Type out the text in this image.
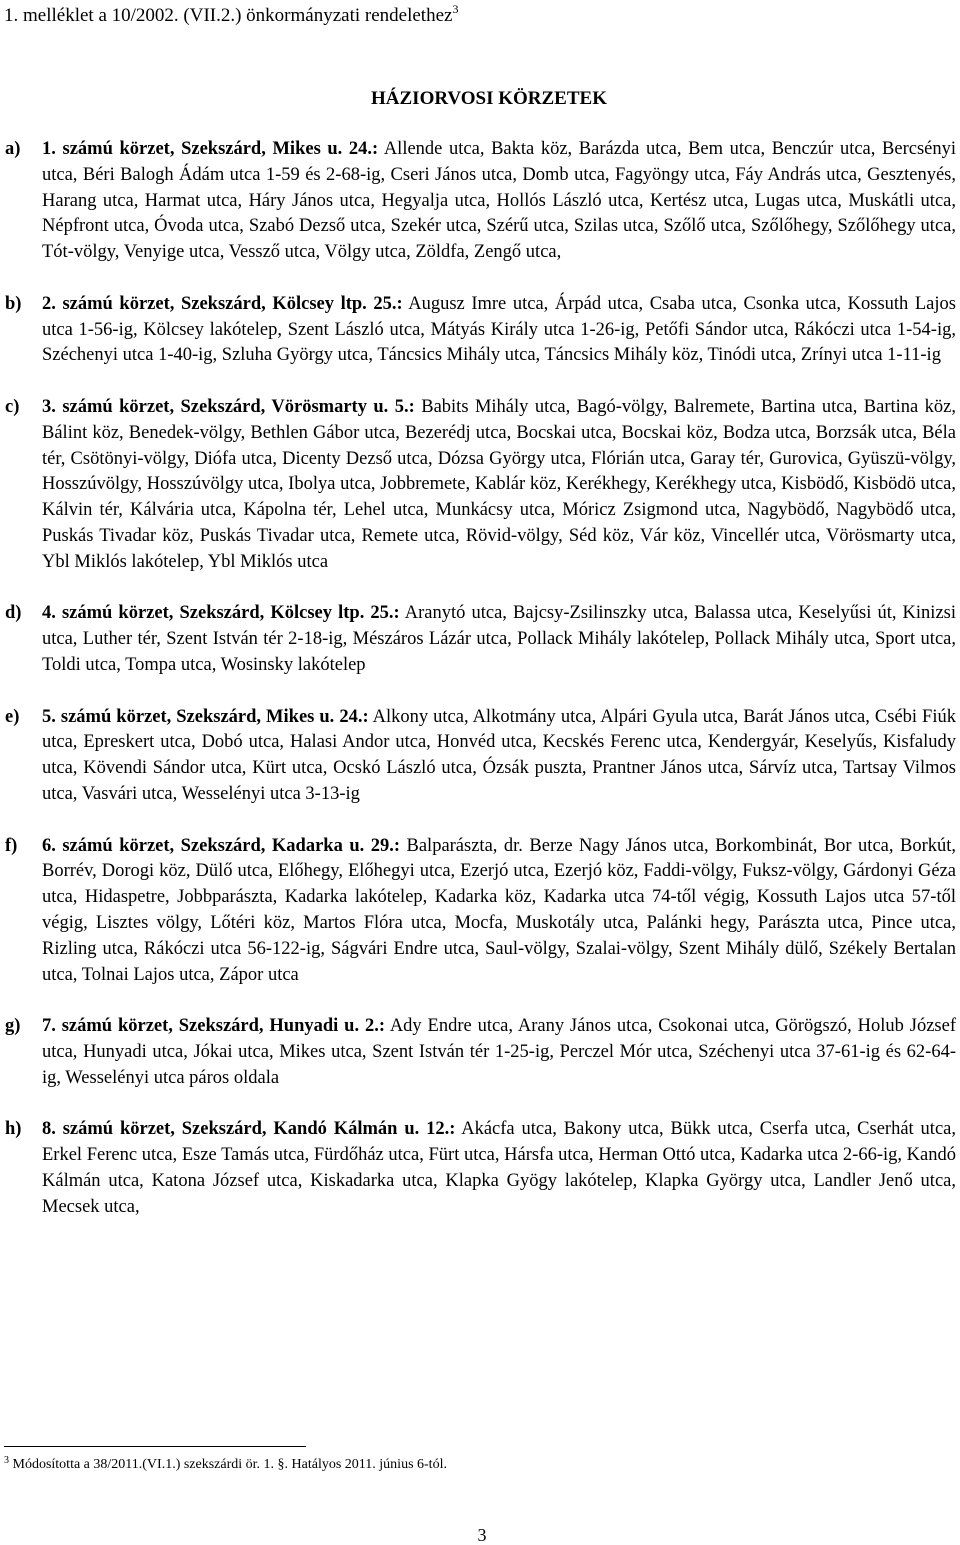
1. melléklet a 10/2002. (VII.2.) önkormányzati rendelethez$^3$
HÁZIORVOSI KÖRZETEK
a)	1. számú körzet, Szekszárd, Mikes u. 24.: Allende utca, Bakta köz, Barázda utca, Bem utca, Benczúr utca, Bercsényi utca, Béri Balogh Ádám utca 1-59 és 2-68-ig, Cseri János utca, Domb utca, Fagyöngy utca, Fáy András utca, Gesztenyés, Harang utca, Harmat utca, Háry János utca, Hegyalja utca, Hollós László utca, Kertész utca, Lugas utca, Muskátli utca, Népfront utca, Óvoda utca, Szabó Dezső utca, Szekér utca, Szérű utca, Szilas utca, Szőlő utca, Szőlőhegy, Szőlőhegy utca, Tót-völgy, Venyige utca, Vessző utca, Völgy utca, Zöldfa, Zengő utca,
b)	2. számú körzet, Szekszárd, Kölcsey ltp. 25.: Augusz Imre utca, Árpád utca, Csaba utca, Csonka utca, Kossuth Lajos utca 1-56-ig, Kölcsey lakótelep, Szent László utca, Mátyás Király utca 1-26-ig, Petőfi Sándor utca, Rákóczi utca 1-54-ig, Széchenyi utca 1-40-ig, Szluha György utca, Táncsics Mihály utca, Táncsics Mihály köz, Tinódi utca, Zrínyi utca 1-11-ig
c)	3. számú körzet, Szekszárd, Vörösmarty u. 5.: Babits Mihály utca, Bagó-völgy, Balremete, Bartina utca, Bartina köz, Bálint köz, Benedek-völgy, Bethlen Gábor utca, Bezerédj utca, Bocskai utca, Bocskai köz, Bodza utca, Borzsák utca, Béla tér, Csötönyi-völgy, Diófa utca, Dicenty Dezső utca, Dózsa György utca, Flórián utca, Garay tér, Gurovica, Gyüszü-völgy, Hosszúvölgy, Hosszúvölgy utca, Ibolya utca, Jobbremete, Kablár köz, Kerékhegy, Kerékhegy utca, Kisbödő, Kisbödö utca, Kálvin tér, Kálvária utca, Kápolna tér, Lehel utca, Munkácsy utca, Móricz Zsigmond utca, Nagybödő, Nagybödő utca, Puskás Tivadar köz, Puskás Tivadar utca, Remete utca, Rövid-völgy, Séd köz, Vár köz, Vincellér utca, Vörösmarty utca, Ybl Miklós lakótelep, Ybl Miklós utca
d)	4. számú körzet, Szekszárd, Kölcsey ltp. 25.: Aranytó utca, Bajcsy-Zsilinszky utca, Balassa utca, Keselyűsi út, Kinizsi utca, Luther tér, Szent István tér 2-18-ig, Mészáros Lázár utca, Pollack Mihály lakótelep, Pollack Mihály utca, Sport utca, Toldi utca, Tompa utca, Wosinsky lakótelep
e)	5. számú körzet, Szekszárd, Mikes u. 24.: Alkony utca, Alkotmány utca, Alpári Gyula utca, Barát János utca, Csébi Fiúk utca, Epreskert utca, Dobó utca, Halasi Andor utca, Honvéd utca, Kecskés Ferenc utca, Kendergyár, Keselyűs, Kisfaludy utca, Kövendi Sándor utca, Kürt utca, Ocskó László utca, Ózsák puszta, Prantner János utca, Sárvíz utca, Tartsay Vilmos utca, Vasvári utca, Wesselényi utca 3-13-ig
f)	6. számú körzet, Szekszárd, Kadarka u. 29.: Balparászta, dr. Berze Nagy János utca, Borkombinát, Bor utca, Borkút, Borrév, Dorogi köz, Dülő utca, Előhegy, Előhegyi utca, Ezerjó utca, Ezerjó köz, Faddi-völgy, Fuksz-völgy, Gárdonyi Géza utca, Hidaspetre, Jobbparászta, Kadarka lakótelep, Kadarka köz, Kadarka utca 74-től végig, Kossuth Lajos utca 57-től végig, Lisztes völgy, Lőtéri köz, Martos Flóra utca, Mocfa, Muskotály utca, Palánki hegy, Parászta utca, Pince utca, Rizling utca, Rákóczi utca 56-122-ig, Ságvári Endre utca, Saul-völgy, Szalai-völgy, Szent Mihály dülő, Székely Bertalan utca, Tolnai Lajos utca, Zápor utca
g)	7. számú körzet, Szekszárd, Hunyadi u. 2.: Ady Endre utca, Arany János utca, Csokonai utca, Görögszó, Holub József utca, Hunyadi utca, Jókai utca, Mikes utca, Szent István tér 1-25-ig, Perczel Mór utca, Széchenyi utca 37-61-ig és 62-64-ig, Wesselényi utca páros oldala
h)	8. számú körzet, Szekszárd, Kandó Kálmán u. 12.: Akácfa utca, Bakony utca, Bükk utca, Cserfa utca, Cserhát utca, Erkel Ferenc utca, Esze Tamás utca, Fürdőház utca, Fürt utca, Hársfa utca, Herman Ottó utca, Kadarka utca 2-66-ig, Kandó Kálmán utca, Katona József utca, Kiskadarka utca, Klapka Gyögy lakótelep, Klapka György utca, Landler Jenő utca, Mecsek utca,
$^3$ Módosította a 38/2011.(VI.1.) szekszárdi ör. 1. §. Hatályos 2011. június 6-tól.
3
